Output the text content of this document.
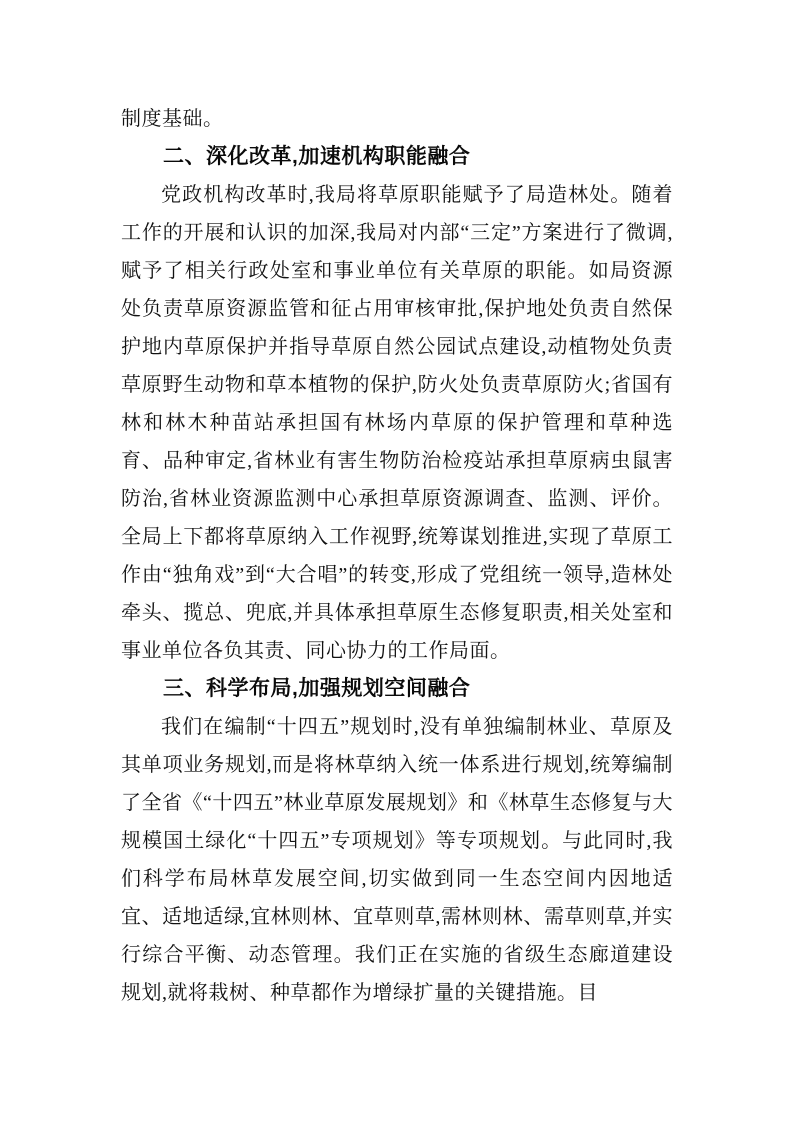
制度基础。

二、深化改革,加速机构职能融合

党政机构改革时,我局将草原职能赋予了局造林处。随着工作的开展和认识的加深,我局对内部“三定”方案进行了微调,赋予了相关行政处室和事业单位有关草原的职能。如局资源处负责草原资源监管和征占用审核审批,保护地处负责自然保护地内草原保护并指导草原自然公园试点建设,动植物处负责草原野生动物和草本植物的保护,防火处负责草原防火;省国有林和林木种苗站承担国有林场内草原的保护管理和草种选育、品种审定,省林业有害生物防治检疫站承担草原病虫鼠害防治,省林业资源监测中心承担草原资源调查、监测、评价。全局上下都将草原纳入工作视野,统筹谋划推进,实现了草原工作由“独角戏”到“大合唱”的转变,形成了党组统一领导,造林处牵头、揽总、兜底,并具体承担草原生态修复职责,相关处室和事业单位各负其责、同心协力的工作局面。

三、科学布局,加强规划空间融合

我们在编制“十四五”规划时,没有单独编制林业、草原及其单项业务规划,而是将林草纳入统一体系进行规划,统筹编制了全省《“十四五”林业草原发展规划》和《林草生态修复与大规模国土绿化“十四五”专项规划》等专项规划。与此同时,我们科学布局林草发展空间,切实做到同一生态空间内因地适宜、适地适绿,宜林则林、宜草则草,需林则林、需草则草,并实行综合平衡、动态管理。我们正在实施的省级生态廊道建设规划,就将栽树、种草都作为增绿扩量的关键措施。目
